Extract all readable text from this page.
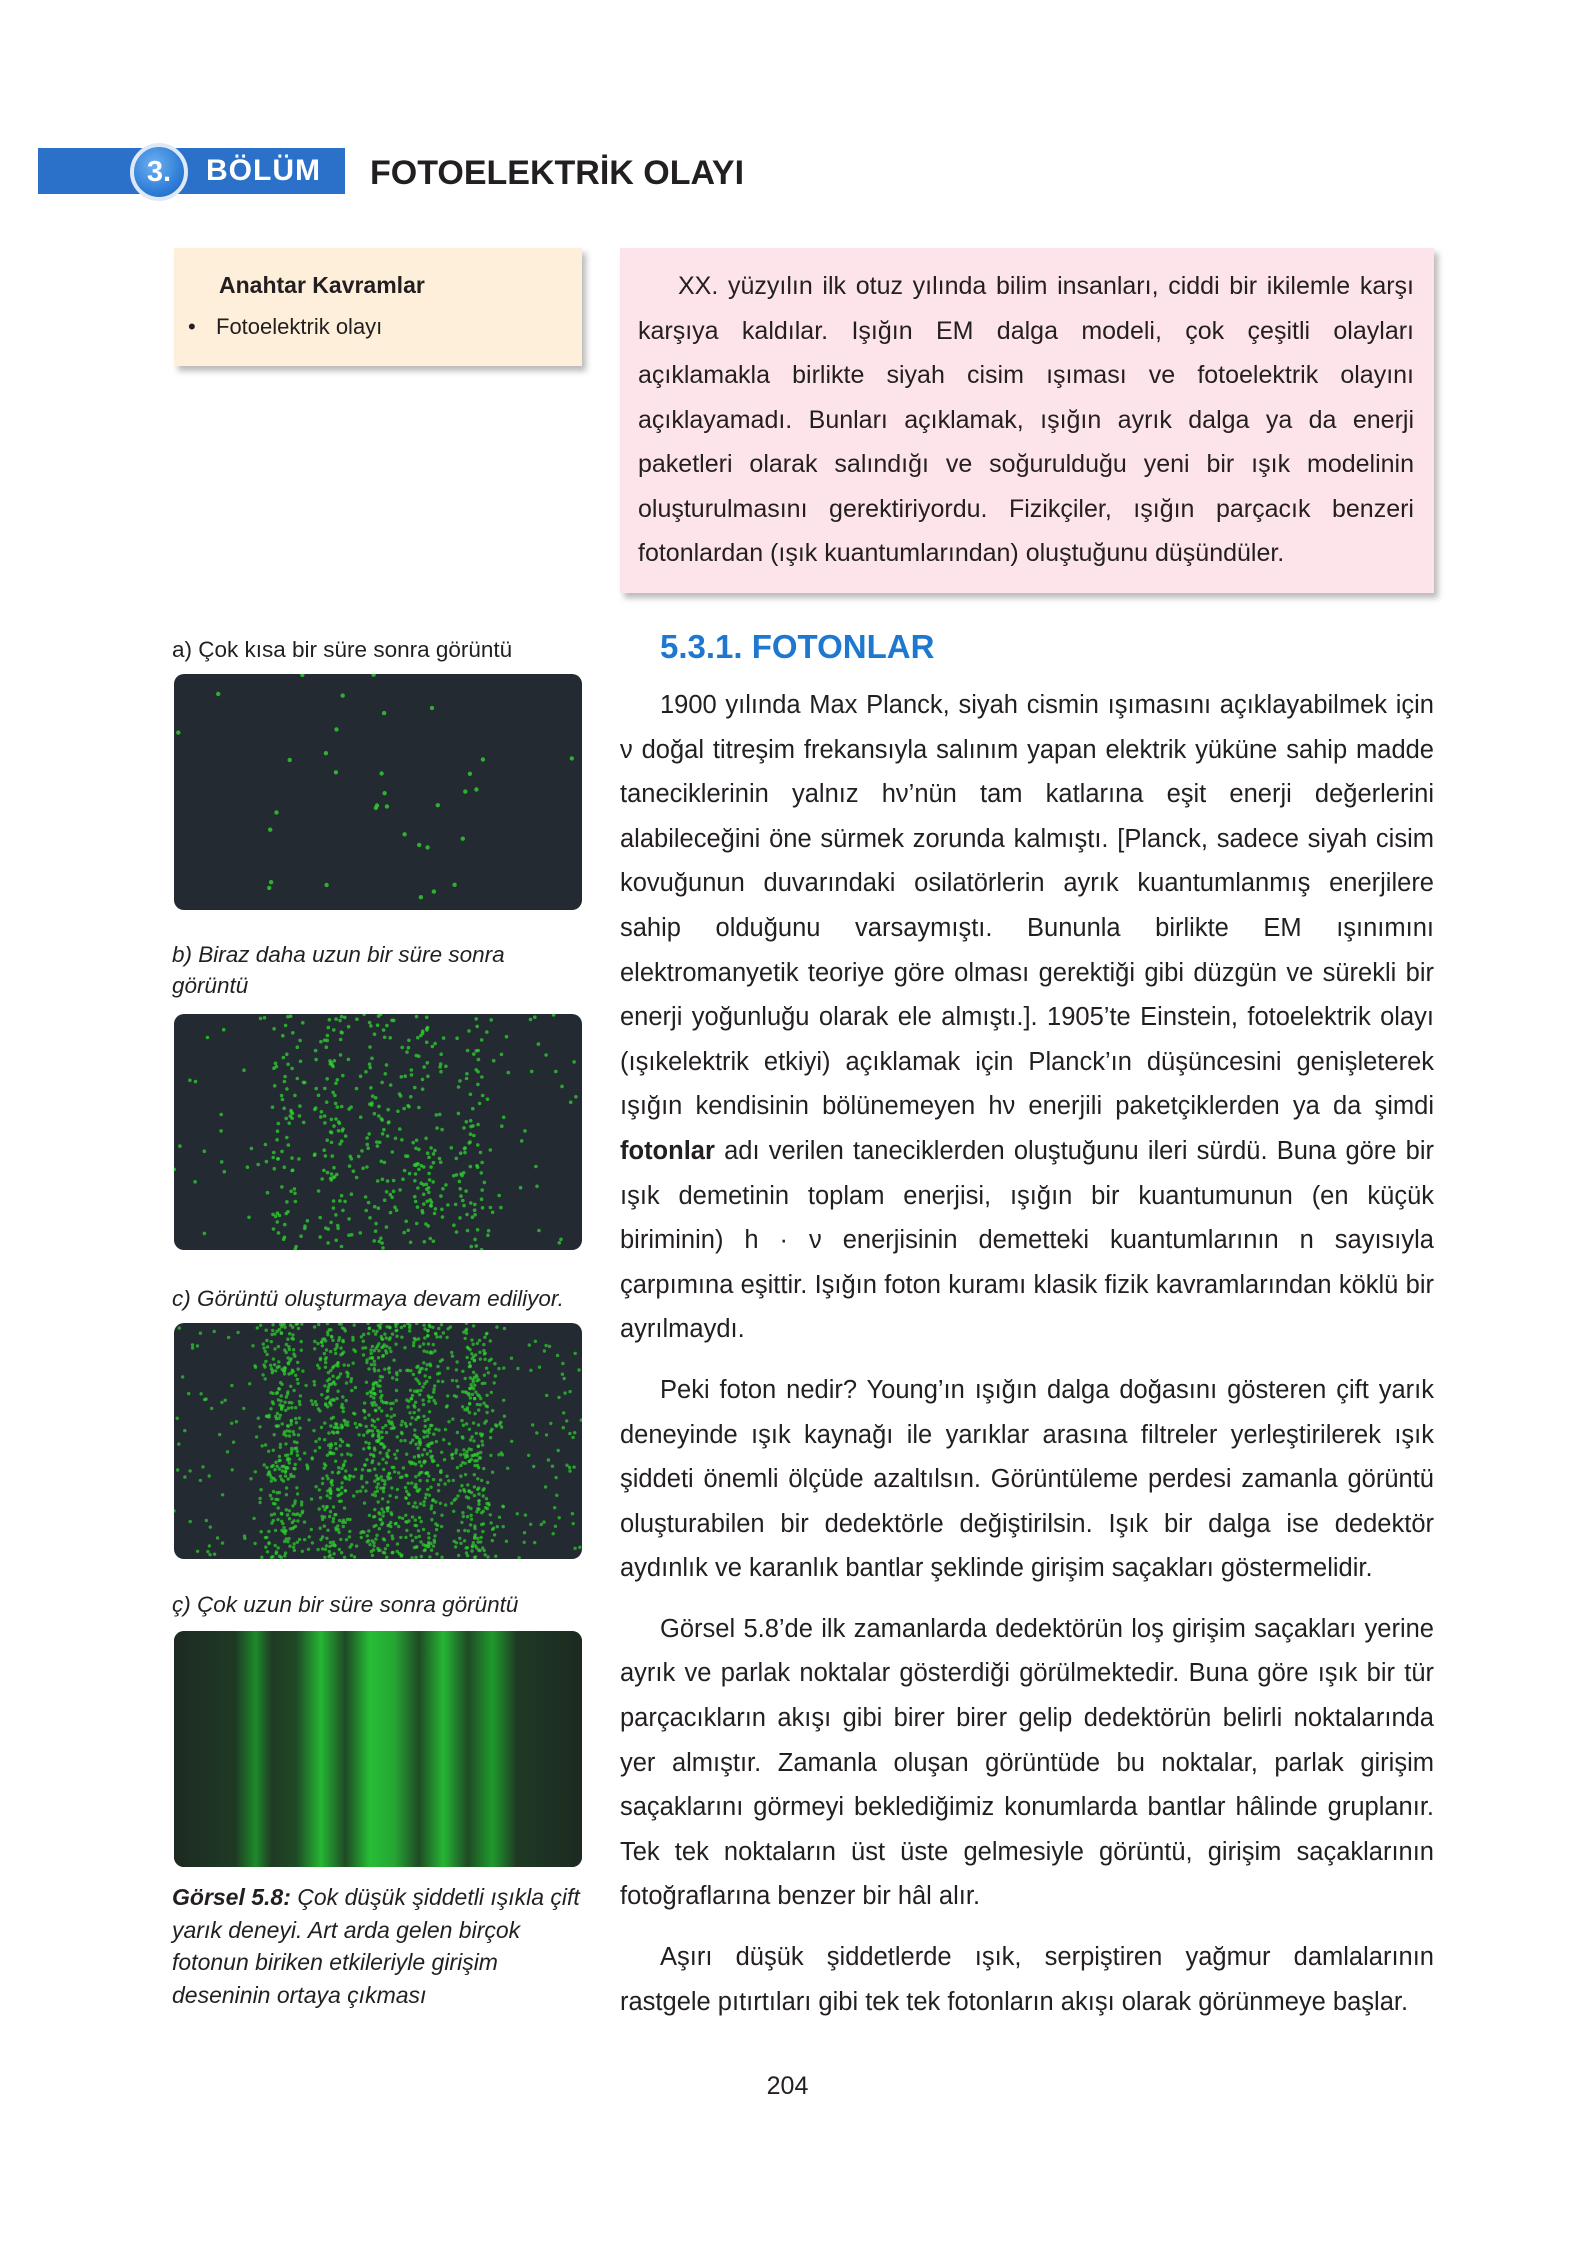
3.	BÖLÜM FOTOELEKTRİK OLAYI
Anahtar Kavramlar
• Fotoelektrik olayı

XX. yüzyılın ilk otuz yılında bilim insanları, ciddi bir ikilemle karşı karşıya kaldılar. Işığın EM dalga modeli, çok çeşitli olayları açıklamakla birlikte siyah cisim ışıması ve fotoelektrik olayını açıklayamadı. Bunları açıklamak, ışığın ayrık dalga ya da enerji paketleri olarak salındığı ve soğurulduğu yeni bir ışık modelinin oluşturulmasını gerektiriyordu. Fizikçiler, ışığın parçacık benzeri fotonlardan (ışık kuantumlarından) oluştuğunu düşündüler.

5.3.1. FOTONLAR

1900 yılında Max Planck, siyah cismin ışımasını açıklayabilmek için ν doğal titreşim frekansıyla salınım yapan elektrik yüküne sahip madde taneciklerinin yalnız hν’nün tam katlarına eşit enerji değerlerini alabileceğini öne sürmek zorunda kalmıştı. [Planck, sadece siyah cisim kovuğunun duvarındaki osilatörlerin ayrık kuantumlanmış enerjilere sahip olduğunu varsaymıştı. Bununla birlikte EM ışınımını elektromanyetik teoriye göre olması gerektiği gibi düzgün ve sürekli bir enerji yoğunluğu olarak ele almıştı.]. 1905’te Einstein, fotoelektrik olayı (ışıkelektrik etkiyi) açıklamak için Planck’ın düşüncesini genişleterek ışığın kendisinin bölünemeyen hν enerjili paketçiklerden ya da şimdi fotonlar adı verilen taneciklerden oluştuğunu ileri sürdü. Buna göre bir ışık demetinin toplam enerjisi, ışığın bir kuantumunun (en küçük biriminin) h · ν enerjisinin demetteki kuantumlarının n sayısıyla çarpımına eşittir. Işığın foton kuramı klasik fizik kavramlarından köklü bir ayrılmaydı.

Peki foton nedir? Young’ın ışığın dalga doğasını gösteren çift yarık deneyinde ışık kaynağı ile yarıklar arasına filtreler yerleştirilerek ışık şiddeti önemli ölçüde azaltılsın. Görüntüleme perdesi zamanla görüntü oluşturabilen bir dedektörle değiştirilsin. Işık bir dalga ise dedektör aydınlık ve karanlık bantlar şeklinde girişim saçakları göstermelidir.

Görsel 5.8’de ilk zamanlarda dedektörün loş girişim saçakları yerine ayrık ve parlak noktalar gösterdiği görülmektedir. Buna göre ışık bir tür parçacıkların akışı gibi birer birer gelip dedektörün belirli noktalarında yer almıştır. Zamanla oluşan görüntüde bu noktalar, parlak girişim saçaklarını görmeyi beklediğimiz konumlarda bantlar hâlinde gruplanır. Tek tek noktaların üst üste gelmesiyle görüntü, girişim saçaklarının fotoğraflarına benzer bir hâl alır.

Aşırı düşük şiddetlerde ışık, serpiştiren yağmur damlalarının rastgele pıtırtıları gibi tek tek fotonların akışı olarak görünmeye başlar.

a) Çok kısa bir süre sonra görüntü
b) Biraz daha uzun bir süre sonra görüntü
c) Görüntü oluşturmaya devam ediliyor.
ç) Çok uzun bir süre sonra görüntü
Görsel 5.8: Çok düşük şiddetli ışıkla çift yarık deneyi. Art arda gelen birçok fotonun biriken etkileriyle girişim deseninin ortaya çıkması
204
